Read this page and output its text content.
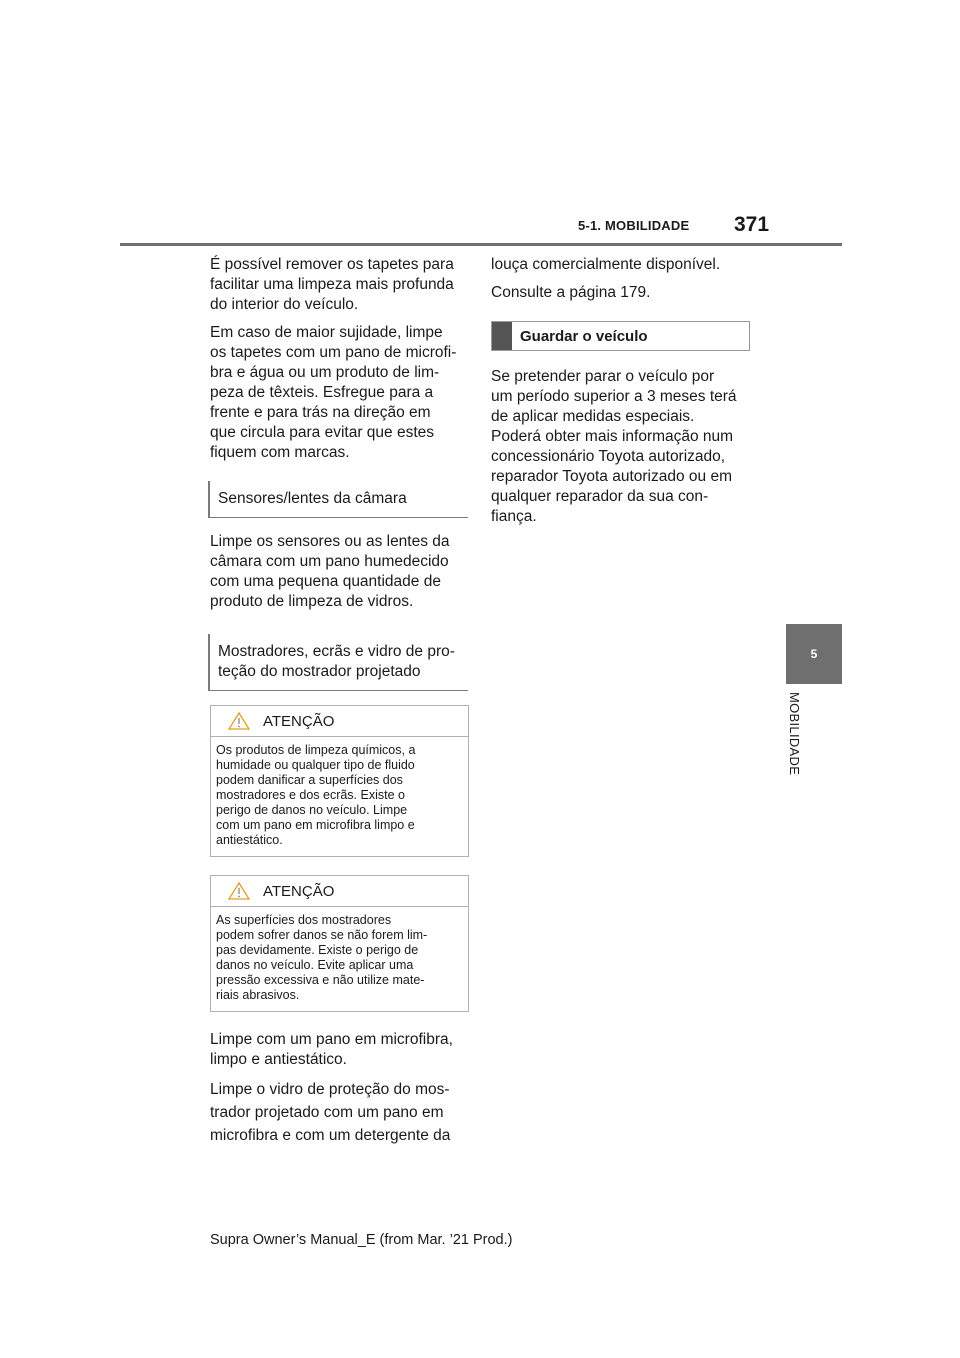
5-1. MOBILIDADE 371
5
MOBILIDADE

É possível remover os tapetes para
facilitar uma limpeza mais profunda
do interior do veículo.

Em caso de maior sujidade, limpe
os tapetes com um pano de microfi-
bra e água ou um produto de lim-
peza de têxteis. Esfregue para a
frente e para trás na direção em
que circula para evitar que estes
fiquem com marcas.

Sensores/lentes da câmara

Limpe os sensores ou as lentes da
câmara com um pano humedecido
com uma pequena quantidade de
produto de limpeza de vidros.

Mostradores, ecrãs e vidro de pro-
teção do mostrador projetado
ATENÇÃO
Os produtos de limpeza químicos, a
humidade ou qualquer tipo de fluido
podem danificar a superfícies dos
mostradores e dos ecrãs. Existe o
perigo de danos no veículo. Limpe
com um pano em microfibra limpo e
antiestático.
ATENÇÃO
As superfícies dos mostradores
podem sofrer danos se não forem lim-
pas devidamente. Existe o perigo de
danos no veículo. Evite aplicar uma
pressão excessiva e não utilize mate-
riais abrasivos.

Limpe com um pano em microfibra,
limpo e antiestático.

Limpe o vidro de proteção do mos-
trador projetado com um pano em
microfibra e com um detergente da

louça comercialmente disponível.

Consulte a página 179.

Guardar o veículo

Se pretender parar o veículo por
um período superior a 3 meses terá
de aplicar medidas especiais.
Poderá obter mais informação num
concessionário Toyota autorizado,
reparador Toyota autorizado ou em
qualquer reparador da sua con-
fiança.

Supra Owner’s Manual_E (from Mar. ’21 Prod.)
